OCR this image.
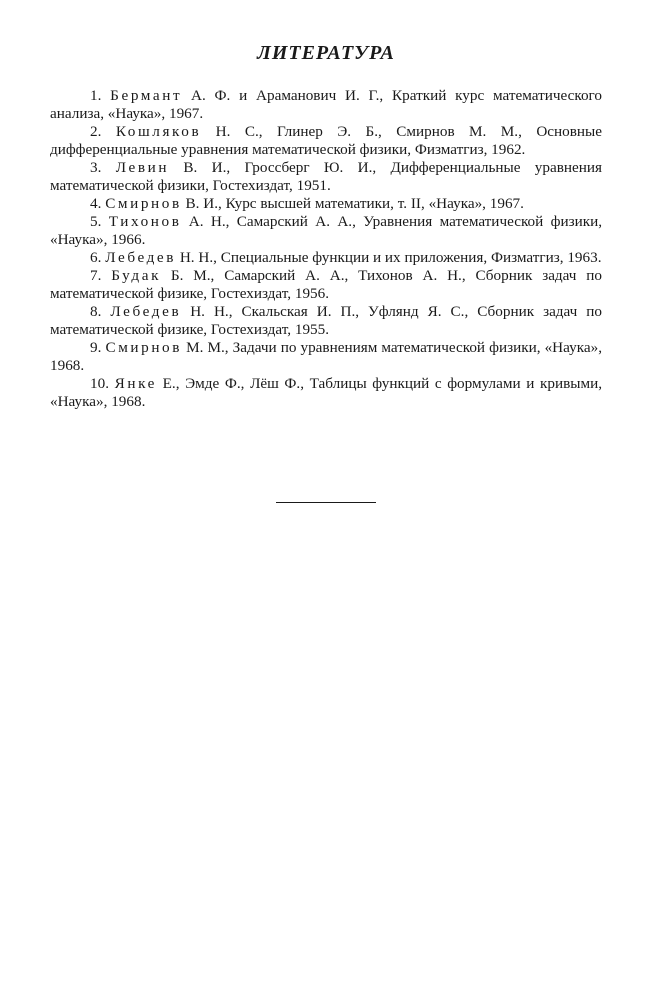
ЛИТЕРАТУРА

1. Бермант А. Ф. и Араманович И. Г., Краткий курс математического анализа, «Наука», 1967.

2. Кошляков Н. С., Глинер Э. Б., Смирнов М. М., Основные дифференциальные уравнения математической физики, Физматгиз, 1962.

3. Левин В. И., Гроссберг Ю. И., Дифференциальные уравнения математической физики, Гостехиздат, 1951.

4. Смирнов В. И., Курс высшей математики, т. II, «Наука», 1967.

5. Тихонов А. Н., Самарский А. А., Уравнения математической физики, «Наука», 1966.

6. Лебедев Н. Н., Специальные функции и их приложения, Физматгиз, 1963.

7. Будак Б. М., Самарский А. А., Тихонов А. Н., Сборник задач по математической физике, Гостехиздат, 1956.

8. Лебедев Н. Н., Скальская И. П., Уфлянд Я. С., Сборник задач по математической физике, Гостехиздат, 1955.

9. Смирнов М. М., Задачи по уравнениям математической физики, «Наука», 1968.

10. Янке Е., Эмде Ф., Лёш Ф., Таблицы функций с формулами и кривыми, «Наука», 1968.
